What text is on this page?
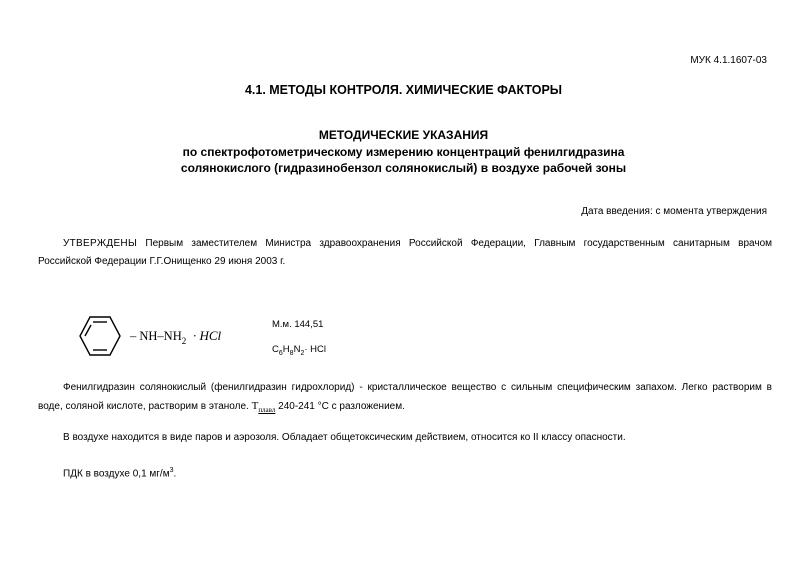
МУК 4.1.1607-03
4.1. МЕТОДЫ КОНТРОЛЯ. ХИМИЧЕСКИЕ ФАКТОРЫ
МЕТОДИЧЕСКИЕ УКАЗАНИЯ
по спектрофотометрическому измерению концентраций фенилгидразина
солянокислого (гидразинобензол солянокислый) в воздухе рабочей зоны
Дата введения: с момента утверждения
УТВЕРЖДЕНЫ Первым заместителем Министра здравоохранения Российской Федерации, Главным государственным санитарным врачом Российской Федерации Г.Г.Онищенко 29 июня 2003 г.
– $NH-NH_2$ · HCl
М.м. 144,51
$C_6H_8N_2\cdot$ HCl
Фенилгидразин солянокислый (фенилгидразин гидрохлорид) - кристаллическое вещество с сильным специфическим запахом. Легко растворим в воде, соляной кислоте, растворим в этаноле. $T_{плавл}$ 240-241 °С с разложением.
В воздухе находится в виде паров и аэрозоля. Обладает общетоксическим действием, относится ко II классу опасности.
ПДК в воздухе 0,1 $мг/м^3$.
